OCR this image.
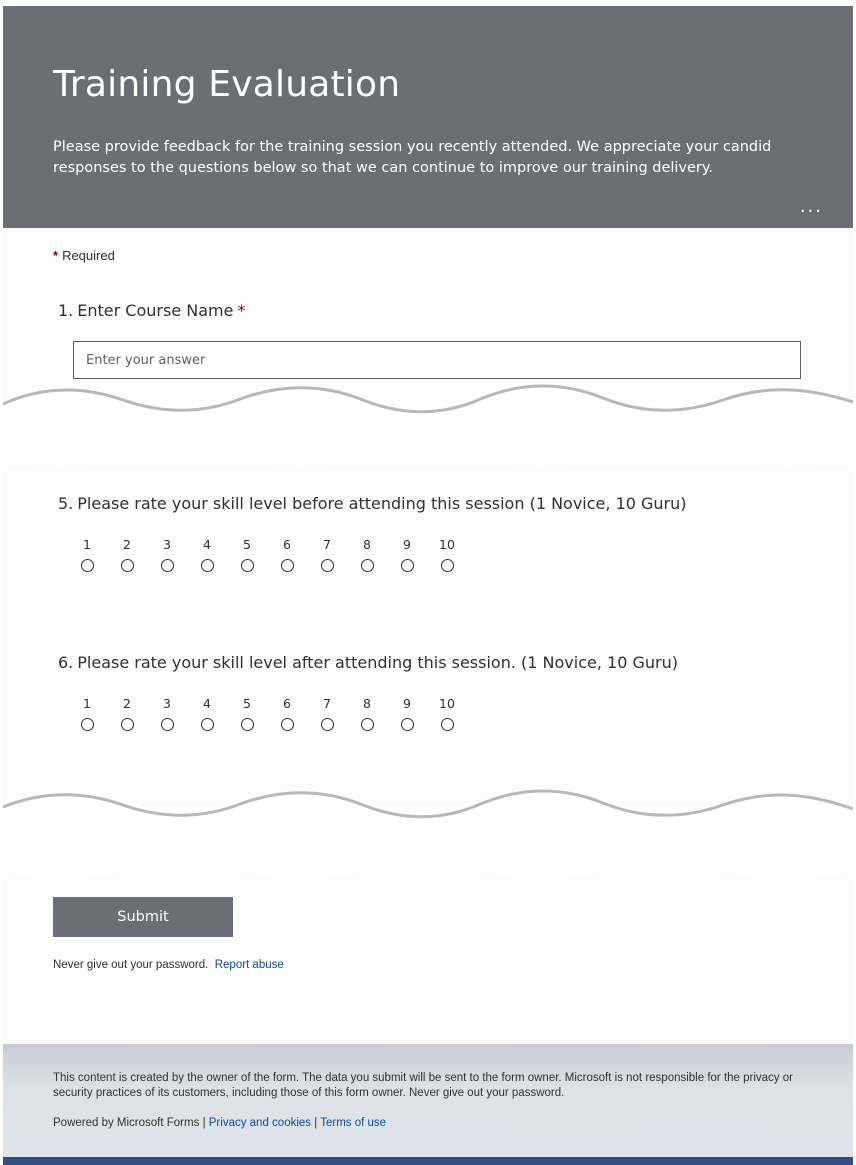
Training Evaluation
Please provide feedback for the training session you recently attended. We appreciate your candid responses to the questions below so that we can continue to improve our training delivery.
...
* Required
1. Enter Course Name *
Enter your answer
5. Please rate your skill level before attending this session (1 Novice, 10 Guru)
1	2	3	4	5	6	7	8	9	10
6. Please rate your skill level after attending this session. (1 Novice, 10 Guru)
1	2	3	4	5	6	7	8	9	10
Submit
Never give out your password. Report abuse
This content is created by the owner of the form. The data you submit will be sent to the form owner. Microsoft is not responsible for the privacy or security practices of its customers, including those of this form owner. Never give out your password.
Powered by Microsoft Forms | Privacy and cookies | Terms of use
